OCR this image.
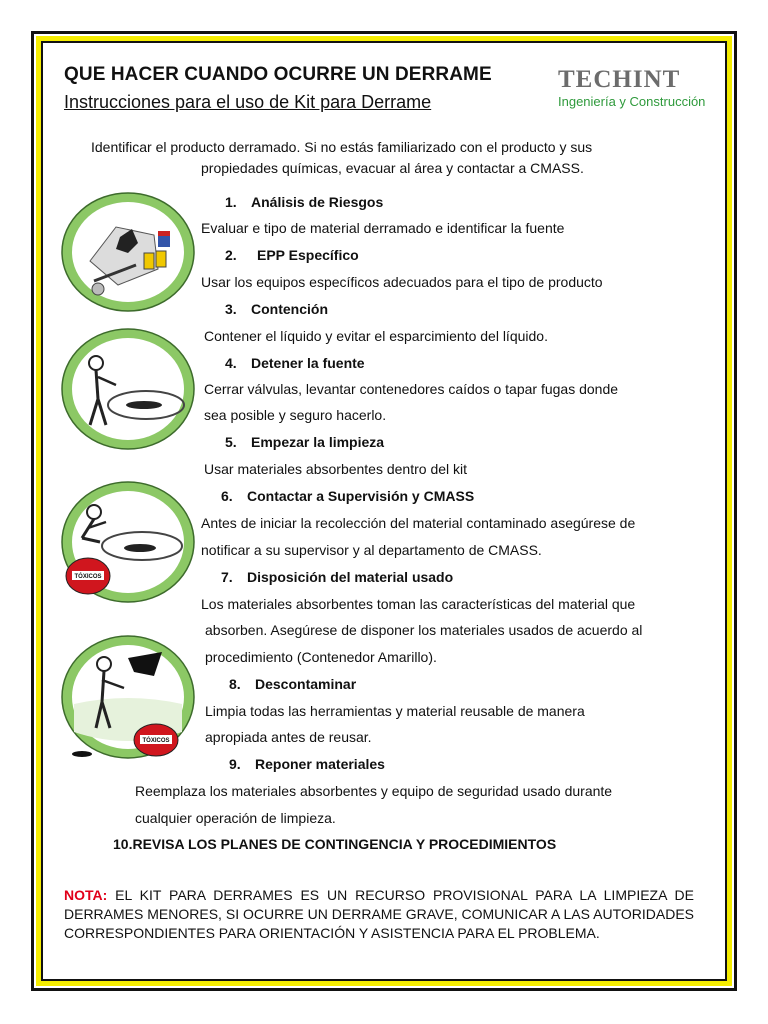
QUE HACER CUANDO OCURRE UN DERRAME
Instrucciones para el uso de Kit para Derrame
TECHINT
Ingeniería y Construcción
Identificar el producto derramado. Si no estás familiarizado con el producto y sus
propiedades químicas, evacuar al área y contactar a CMASS.
1. Análisis de Riesgos
Evaluar e tipo de material derramado e identificar la fuente
2. EPP Específico
Usar los equipos específicos adecuados para el tipo de producto
3. Contención
Contener el líquido y evitar el esparcimiento del líquido.
4. Detener la fuente
Cerrar válvulas, levantar contenedores caídos o tapar fugas donde
sea posible y seguro hacerlo.
5. Empezar la limpieza
Usar materiales absorbentes dentro del kit
6. Contactar a Supervisión y CMASS
Antes de iniciar la recolección del material contaminado asegúrese de
notificar a su supervisor y al departamento de CMASS.
7. Disposición del material usado
Los materiales absorbentes toman las características del material que
absorben. Asegúrese de disponer los materiales usados de acuerdo al
procedimiento (Contenedor Amarillo).
8. Descontaminar
Limpia todas las herramientas y material reusable de manera
apropiada antes de reusar.
9. Reponer materiales
Reemplaza los materiales absorbentes y equipo de seguridad usado durante
cualquier operación de limpieza.
10.REVISA LOS PLANES DE CONTINGENCIA Y PROCEDIMIENTOS
NOTA: EL KIT PARA DERRAMES ES UN RECURSO PROVISIONAL PARA LA LIMPIEZA DE DERRAMES MENORES, SI OCURRE UN DERRAME GRAVE, COMUNICAR A LAS AUTORIDADES CORRESPONDIENTES PARA ORIENTACIÓN Y ASISTENCIA PARA EL PROBLEMA.
TÓXICOS
TÓXICOS
